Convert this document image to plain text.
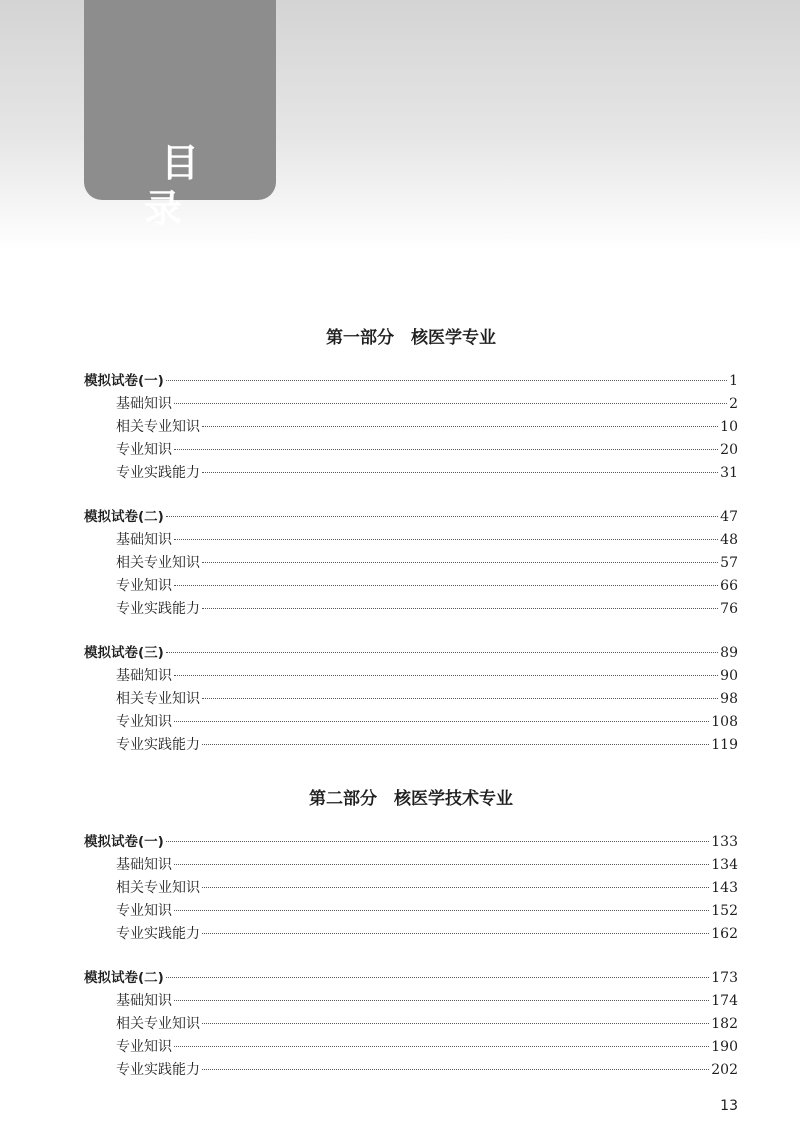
目 录
第一部分　核医学专业
模拟试卷(一)	1
基础知识	2
相关专业知识	10
专业知识	20
专业实践能力	31
模拟试卷(二)	47
基础知识	48
相关专业知识	57
专业知识	66
专业实践能力	76
模拟试卷(三)	89
基础知识	90
相关专业知识	98
专业知识	108
专业实践能力	119
第二部分　核医学技术专业
模拟试卷(一)	133
基础知识	134
相关专业知识	143
专业知识	152
专业实践能力	162
模拟试卷(二)	173
基础知识	174
相关专业知识	182
专业知识	190
专业实践能力	202
13
